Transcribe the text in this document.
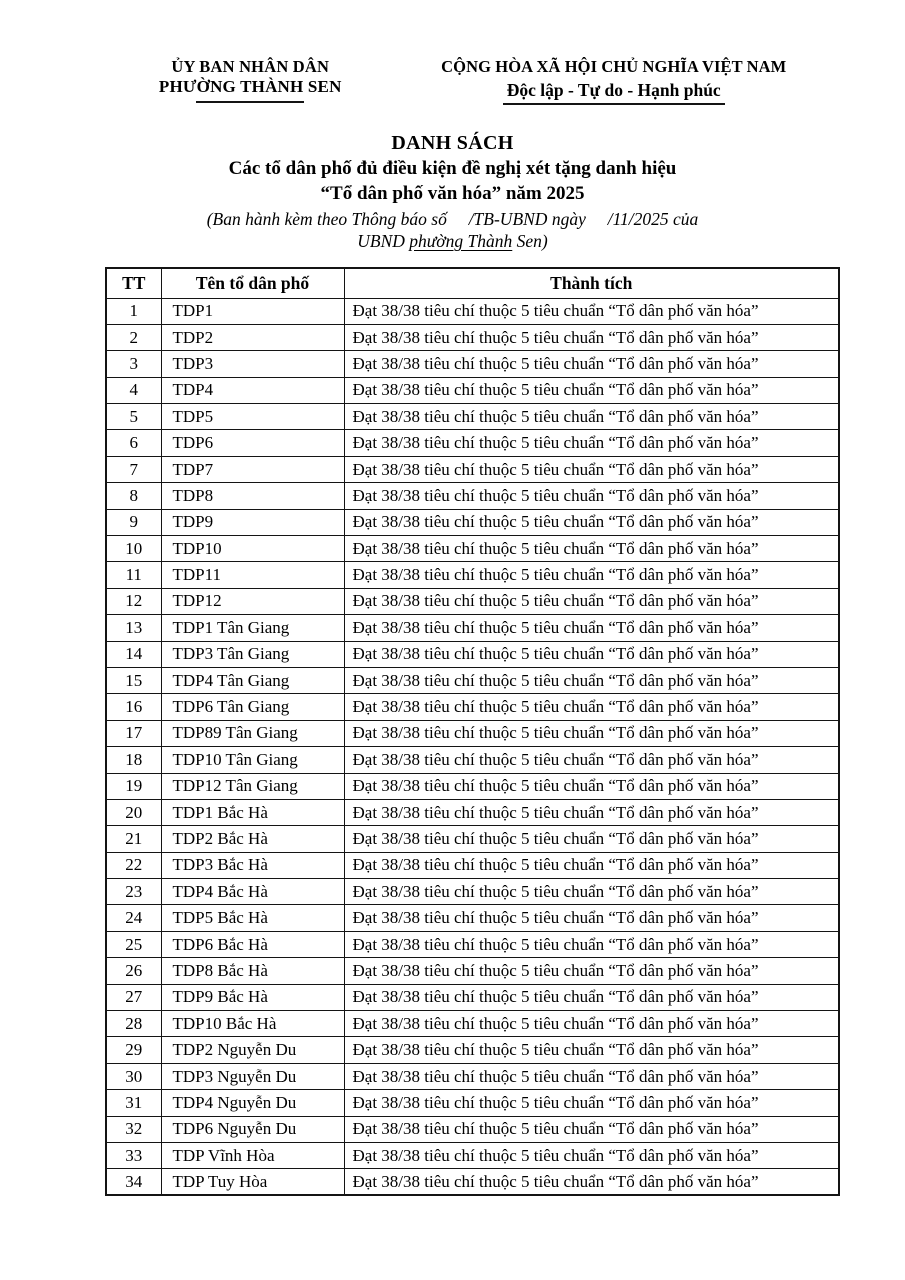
ỦY BAN NHÂN DÂN
PHƯỜNG THÀNH SEN
CỘNG HÒA XÃ HỘI CHỦ NGHĨA VIỆT NAM
Độc lập - Tự do - Hạnh phúc
DANH SÁCH
Các tổ dân phố đủ điều kiện đề nghị xét tặng danh hiệu
“Tổ dân phố văn hóa” năm 2025
(Ban hành kèm theo Thông báo số     /TB-UBND ngày     /11/2025 của
UBND phường Thành Sen)
TT	Tên tổ dân phố	Thành tích
1	TDP1	Đạt 38/38 tiêu chí thuộc 5 tiêu chuẩn “Tổ dân phố văn hóa”
2	TDP2	Đạt 38/38 tiêu chí thuộc 5 tiêu chuẩn “Tổ dân phố văn hóa”
3	TDP3	Đạt 38/38 tiêu chí thuộc 5 tiêu chuẩn “Tổ dân phố văn hóa”
4	TDP4	Đạt 38/38 tiêu chí thuộc 5 tiêu chuẩn “Tổ dân phố văn hóa”
5	TDP5	Đạt 38/38 tiêu chí thuộc 5 tiêu chuẩn “Tổ dân phố văn hóa”
6	TDP6	Đạt 38/38 tiêu chí thuộc 5 tiêu chuẩn “Tổ dân phố văn hóa”
7	TDP7	Đạt 38/38 tiêu chí thuộc 5 tiêu chuẩn “Tổ dân phố văn hóa”
8	TDP8	Đạt 38/38 tiêu chí thuộc 5 tiêu chuẩn “Tổ dân phố văn hóa”
9	TDP9	Đạt 38/38 tiêu chí thuộc 5 tiêu chuẩn “Tổ dân phố văn hóa”
10	TDP10	Đạt 38/38 tiêu chí thuộc 5 tiêu chuẩn “Tổ dân phố văn hóa”
11	TDP11	Đạt 38/38 tiêu chí thuộc 5 tiêu chuẩn “Tổ dân phố văn hóa”
12	TDP12	Đạt 38/38 tiêu chí thuộc 5 tiêu chuẩn “Tổ dân phố văn hóa”
13	TDP1 Tân Giang	Đạt 38/38 tiêu chí thuộc 5 tiêu chuẩn “Tổ dân phố văn hóa”
14	TDP3 Tân Giang	Đạt 38/38 tiêu chí thuộc 5 tiêu chuẩn “Tổ dân phố văn hóa”
15	TDP4 Tân Giang	Đạt 38/38 tiêu chí thuộc 5 tiêu chuẩn “Tổ dân phố văn hóa”
16	TDP6 Tân Giang	Đạt 38/38 tiêu chí thuộc 5 tiêu chuẩn “Tổ dân phố văn hóa”
17	TDP89 Tân Giang	Đạt 38/38 tiêu chí thuộc 5 tiêu chuẩn “Tổ dân phố văn hóa”
18	TDP10 Tân Giang	Đạt 38/38 tiêu chí thuộc 5 tiêu chuẩn “Tổ dân phố văn hóa”
19	TDP12 Tân Giang	Đạt 38/38 tiêu chí thuộc 5 tiêu chuẩn “Tổ dân phố văn hóa”
20	TDP1 Bắc Hà	Đạt 38/38 tiêu chí thuộc 5 tiêu chuẩn “Tổ dân phố văn hóa”
21	TDP2 Bắc Hà	Đạt 38/38 tiêu chí thuộc 5 tiêu chuẩn “Tổ dân phố văn hóa”
22	TDP3 Bắc Hà	Đạt 38/38 tiêu chí thuộc 5 tiêu chuẩn “Tổ dân phố văn hóa”
23	TDP4 Bắc Hà	Đạt 38/38 tiêu chí thuộc 5 tiêu chuẩn “Tổ dân phố văn hóa”
24	TDP5 Bắc Hà	Đạt 38/38 tiêu chí thuộc 5 tiêu chuẩn “Tổ dân phố văn hóa”
25	TDP6 Bắc Hà	Đạt 38/38 tiêu chí thuộc 5 tiêu chuẩn “Tổ dân phố văn hóa”
26	TDP8 Bắc Hà	Đạt 38/38 tiêu chí thuộc 5 tiêu chuẩn “Tổ dân phố văn hóa”
27	TDP9 Bắc Hà	Đạt 38/38 tiêu chí thuộc 5 tiêu chuẩn “Tổ dân phố văn hóa”
28	TDP10 Bắc Hà	Đạt 38/38 tiêu chí thuộc 5 tiêu chuẩn “Tổ dân phố văn hóa”
29	TDP2 Nguyễn Du	Đạt 38/38 tiêu chí thuộc 5 tiêu chuẩn “Tổ dân phố văn hóa”
30	TDP3 Nguyễn Du	Đạt 38/38 tiêu chí thuộc 5 tiêu chuẩn “Tổ dân phố văn hóa”
31	TDP4 Nguyễn Du	Đạt 38/38 tiêu chí thuộc 5 tiêu chuẩn “Tổ dân phố văn hóa”
32	TDP6 Nguyễn Du	Đạt 38/38 tiêu chí thuộc 5 tiêu chuẩn “Tổ dân phố văn hóa”
33	TDP Vĩnh Hòa	Đạt 38/38 tiêu chí thuộc 5 tiêu chuẩn “Tổ dân phố văn hóa”
34	TDP Tuy Hòa	Đạt 38/38 tiêu chí thuộc 5 tiêu chuẩn “Tổ dân phố văn hóa”
